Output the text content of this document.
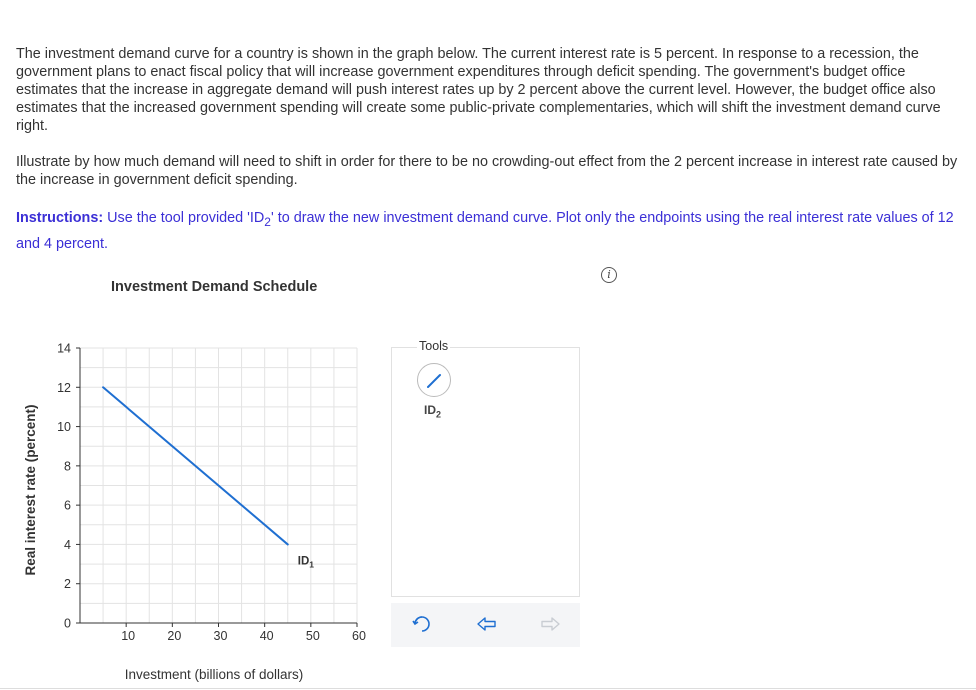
The investment demand curve for a country is shown in the graph below. The current interest rate is 5 percent. In response to a recession, the government plans to enact fiscal policy that will increase government expenditures through deficit spending. The government's budget office estimates that the increase in aggregate demand will push interest rates up by 2 percent above the current level. However, the budget office also estimates that the increased government spending will create some public-private complementaries, which will shift the investment demand curve right.

Illustrate by how much demand will need to shift in order for there to be no crowding-out effect from the 2 percent increase in interest rate caused by the increase in government deficit spending.

Instructions: Use the tool provided '$ID_2$' to draw the new investment demand curve. Plot only the endpoints using the real interest rate values of 12 and 4 percent.

i
Investment Demand Schedule
0
2
4
6
8
10
12
14
10	20	30	40	50	60
$ID_1$
Real interest rate (percent)
Investment (billions of dollars)
Tools
$ID_2$
